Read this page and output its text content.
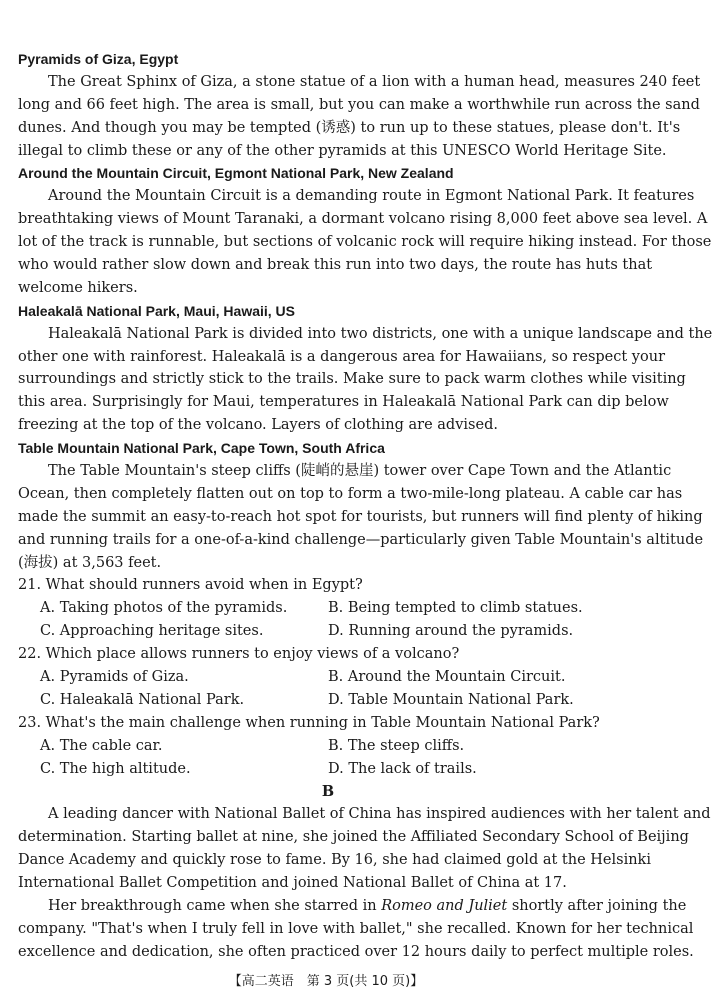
Pyramids of Giza, Egypt
The Great Sphinx of Giza, a stone statue of a lion with a human head, measures 240 feet
long and 66 feet high. The area is small, but you can make a worthwhile run across the sand
dunes. And though you may be tempted (诱惑) to run up to these statues, please don't. It's
illegal to climb these or any of the other pyramids at this UNESCO World Heritage Site.
Around the Mountain Circuit, Egmont National Park, New Zealand
Around the Mountain Circuit is a demanding route in Egmont National Park. It features
breathtaking views of Mount Taranaki, a dormant volcano rising 8,000 feet above sea level. A
lot of the track is runnable, but sections of volcanic rock will require hiking instead. For those
who would rather slow down and break this run into two days, the route has huts that
welcome hikers.
Haleakalā National Park, Maui, Hawaii, US
Haleakalā National Park is divided into two districts, one with a unique landscape and the
other one with rainforest. Haleakalā is a dangerous area for Hawaiians, so respect your
surroundings and strictly stick to the trails. Make sure to pack warm clothes while visiting
this area. Surprisingly for Maui, temperatures in Haleakalā National Park can dip below
freezing at the top of the volcano. Layers of clothing are advised.
Table Mountain National Park, Cape Town, South Africa
The Table Mountain's steep cliffs (陡峭的悬崖) tower over Cape Town and the Atlantic
Ocean, then completely flatten out on top to form a two-mile-long plateau. A cable car has
made the summit an easy-to-reach hot spot for tourists, but runners will find plenty of hiking
and running trails for a one-of-a-kind challenge—particularly given Table Mountain's altitude
(海拔) at 3,563 feet.
21. What should runners avoid when in Egypt?
A. Taking photos of the pyramids.	B. Being tempted to climb statues.
C. Approaching heritage sites.	D. Running around the pyramids.
22. Which place allows runners to enjoy views of a volcano?
A. Pyramids of Giza.	B. Around the Mountain Circuit.
C. Haleakalā National Park.	D. Table Mountain National Park.
23. What's the main challenge when running in Table Mountain National Park?
A. The cable car.	B. The steep cliffs.
C. The high altitude.	D. The lack of trails.
B
A leading dancer with National Ballet of China has inspired audiences with her talent and
determination. Starting ballet at nine, she joined the Affiliated Secondary School of Beijing
Dance Academy and quickly rose to fame. By 16, she had claimed gold at the Helsinki
International Ballet Competition and joined National Ballet of China at 17.
Her breakthrough came when she starred in Romeo and Juliet shortly after joining the
company. "That's when I truly fell in love with ballet," she recalled. Known for her technical
excellence and dedication, she often practiced over 12 hours daily to perfect multiple roles.
【高二英语　第 3 页(共 10 页)】
